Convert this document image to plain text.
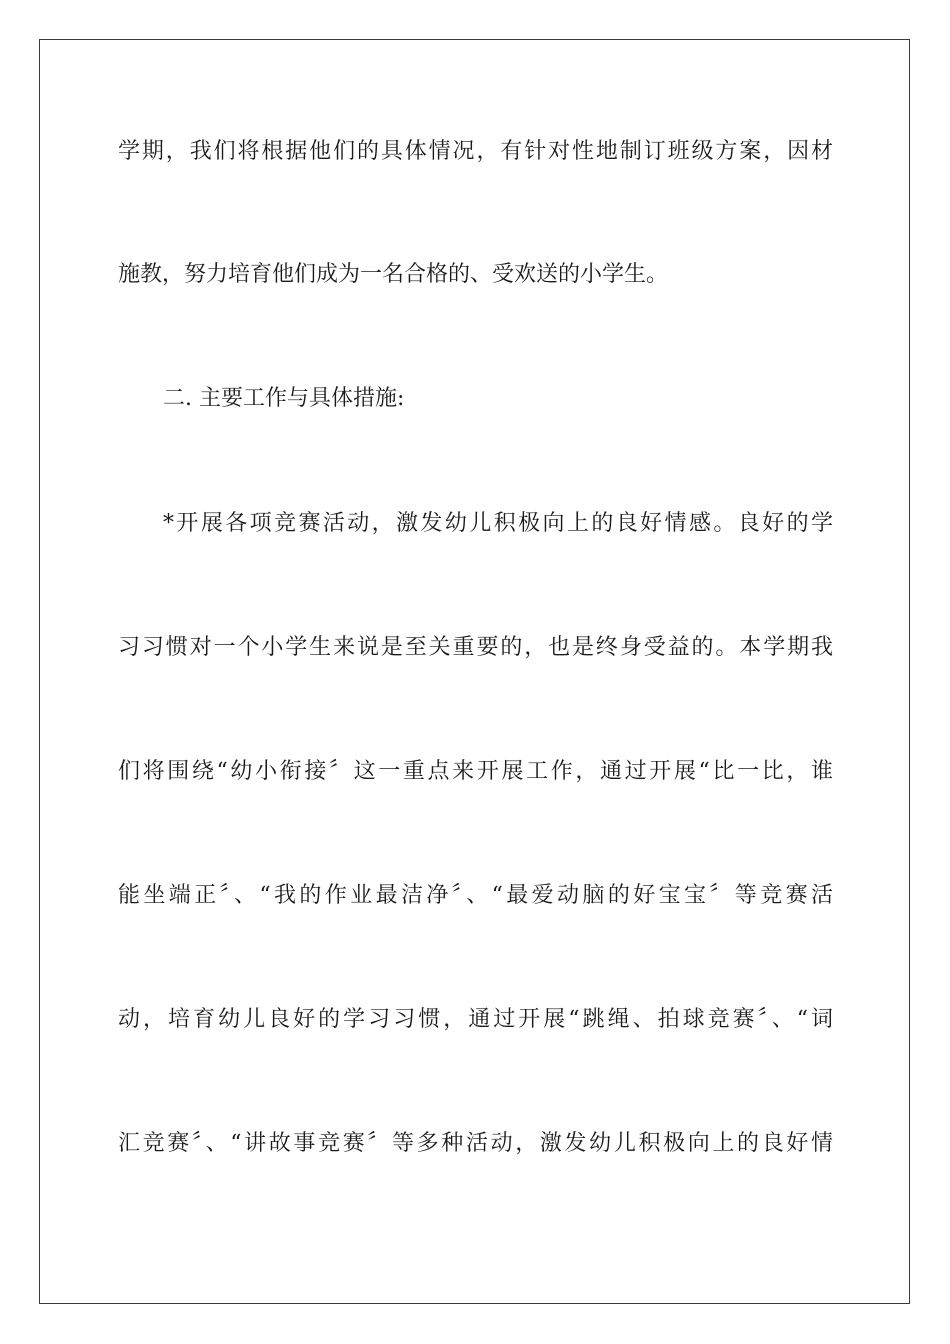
学期，我们将根据他们的具体情况，有针对性地制订班级方案，因材
施教，努力培育他们成为一名合格的、受欢送的小学生。
二. 主要工作与具体措施:
*开展各项竞赛活动，激发幼儿积极向上的良好情感。良好的学
习习惯对一个小学生来说是至关重要的，也是终身受益的。本学期我
们将围绕“幼小衔接〞这一重点来开展工作，通过开展“比一比，谁
能坐端正〞、“我的作业最洁净〞、“最爱动脑的好宝宝〞等竞赛活
动，培育幼儿良好的学习习惯，通过开展“跳绳、拍球竞赛〞、“词
汇竞赛〞、“讲故事竞赛〞等多种活动，激发幼儿积极向上的良好情
